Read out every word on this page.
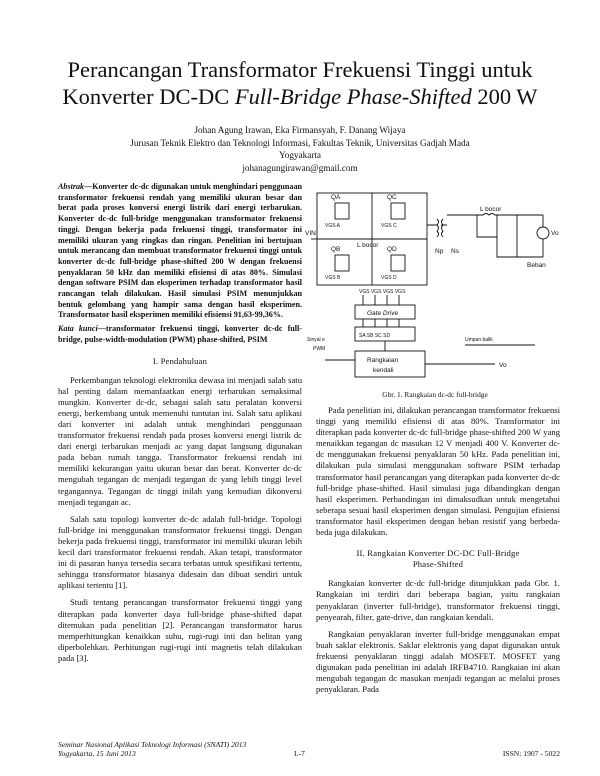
Perancangan Transformator Frekuensi Tinggi untuk
Konverter DC-DC Full-Bridge Phase-Shifted 200 W
Johan Agung Irawan, Eka Firmansyah, F. Danang Wijaya
Jurusan Teknik Elektro dan Teknologi Informasi, Fakultas Teknik, Universitas Gadjah Mada
Yogyakarta
johanagungirawan@gmail.com
Abstrak—Konverter dc-dc digunakan untuk menghindari penggunaan transformator frekuensi rendah yang memiliki ukuran besar dan berat pada proses konversi energi listrik dari energi terbarukan. Konverter dc-dc full-bridge menggunakan transformator frekuensi tinggi. Dengan bekerja pada frekuensi tinggi, transformator ini memiliki ukuran yang ringkas dan ringan. Penelitian ini bertujuan untuk merancang dan membuat transformator frekuensi tinggi untuk konverter dc-dc full-bridge phase-shifted 200 W dengan frekuensi penyaklaran 50 kHz dan memiliki efisiensi di atas 80%. Simulasi dengan software PSIM dan eksperimen terhadap transformator hasil rancangan telah dilakukan. Hasil simulasi PSIM menunjukkan bentuk gelombang yang hampir sama dengan hasil eksperimen. Transformator hasil eksperimen memiliki efisiensi 91,63-99,36%.
Kata kunci—transformator frekuensi tinggi, konverter dc-dc full-bridge, pulse-width-modulation (PWM) phase-shifted, PSIM
I. Pendahuluan

Perkembangan teknologi elektronika dewasa ini menjadi salah satu hal penting dalam memanfaatkan energi terbarukan semaksimal mungkin. Konverter dc-dc, sebagai salah satu peralatan konversi energi, berkembang untuk memenuhi tuntutan ini. Salah satu aplikasi dari konverter ini adalah untuk menghindari penggunaan transformator frekuensi rendah pada proses konversi energi listrik dc dari energi terbarukan menjadi ac yang dapat langsung digunakan pada beban rumah tangga. Transformator frekuensi rendah ini memiliki kekurangan yaitu ukuran besar dan berat. Konverter dc-dc mengubah tegangan dc menjadi tegangan dc yang lebih tinggi level tegangannya. Tegangan dc tinggi inilah yang kemudian dikonversi menjadi tegangan ac.

Salah satu topologi konverter dc-dc adalah full-bridge. Topologi full-bridge ini menggunakan transformator frekuensi tinggi. Dengan bekerja pada frekuensi tinggi, transformator ini memiliki ukuran lebih kecil dari transformator frekuensi rendah. Akan tetapi, transformator ini di pasaran hanya tersedia secara terbatas untuk spesifikasi tertentu, sehingga transformator biasanya didesain dan dibuat sendiri untuk aplikasi tertentu [1].

Studi tentang perancangan transformator frekuensi tinggi yang diterapkan pada konverter daya full-bridge phase-shifted dapat ditemukan pada penelitian [2]. Perancangan transformator harus memperhitungkan kenaikkan suhu, rugi-rugi inti dan belitan yang diperbolehkan. Perhitungan rugi-rugi inti magnetis telah dilakukan pada [3].

QA	QC
QB	QD
VGS A	VGS C
VGS B	VGS D
VIN
L bocor
L bocor
Np Ns
Vo
Beban
VGS VGS VGS VGS
Gate Drive
SA SB SC SD
Rangkaian
kendali
Sinyal e
PWM
Umpan balik
Vo
Gbr. 1. Rangkaian dc-dc full-bridge

Pada penelitian ini, dilakukan perancangan transformator frekuensi tinggi yang memiliki efisiensi di atas 80%. Transformator ini diterapkan pada konverter dc-dc full-bridge phase-shifted 200 W yang menaikkan tegangan dc masukan 12 V menjadi 400 V. Konverter dc-dc menggunakan frekuensi penyaklaran 50 kHz. Pada penelitian ini, dilakukan pula simulasi menggunakan software PSIM terhadap transformator hasil perancangan yang diterapkan pada konverter dc-dc full-bridge phase-shifted. Hasil simulasi juga dibandingkan dengan hasil eksperimen. Perbandingan ini dimaksudkan untuk mengetahui seberapa sesuai hasil eksperimen dengan simulasi. Pengujian efisiensi transformator hasil eksperimen dengan beban resistif yang berbeda-beda juga dilakukan.

II. Rangkaian Konverter DC-DC Full-Bridge
Phase-Shifted

Rangkaian konverter dc-dc full-bridge ditunjukkan pada Gbr. 1. Rangkaian ini terdiri dari beberapa bagian, yaitu rangkaian penyaklaran (inverter full-bridge), transformator frekuensi tinggi, penyearah, filter, gate-drive, dan rangkaian kendali.

Rangkaian penyaklaran inverter full-bridge menggunakan empat buah saklar elektronis. Saklar elektronis yang dapat digunakan untuk frekuensi penyaklaran tinggi adalah MOSFET. MOSFET yang digunakan pada penelitian ini adalah IRFB4710. Rangkaian ini akan mengubah tegangan dc masukan menjadi tegangan ac melalui proses penyaklaran. Pada

Seminar Nasional Aplikasi Teknologi Informasi (SNATI) 2013
Yogyakarta, 15 Juni 2013	L-7	ISSN: 1907 - 5022
